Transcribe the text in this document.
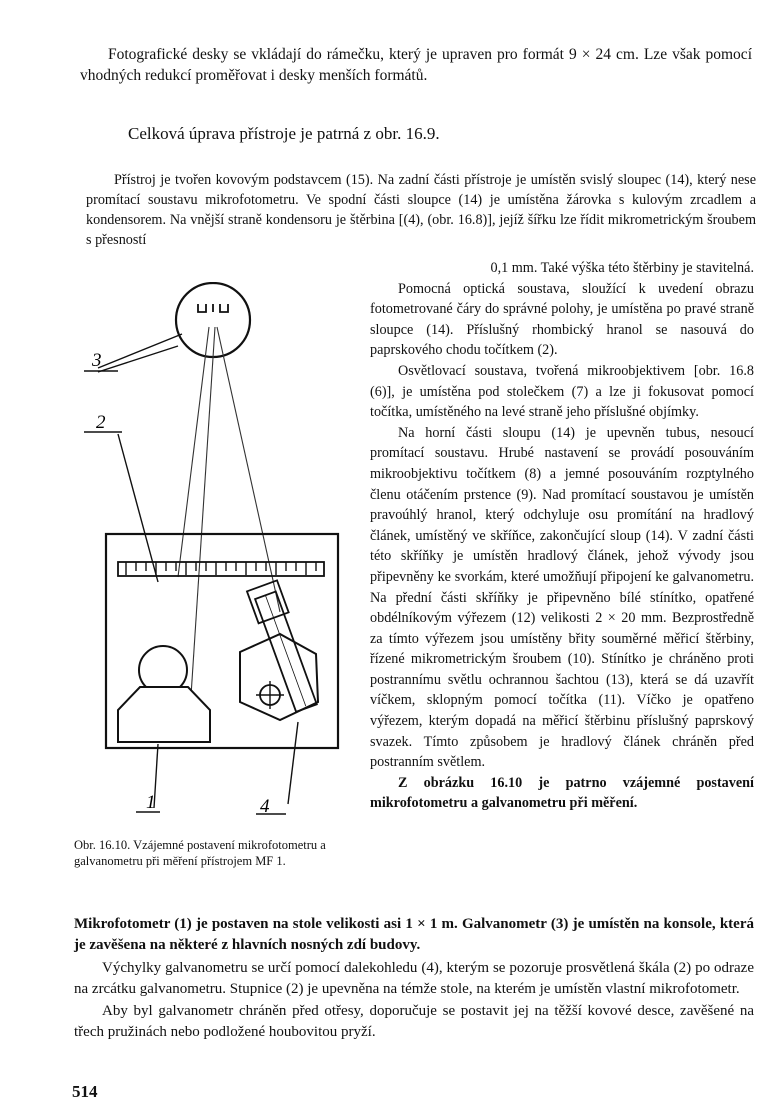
Fotografické desky se vkládají do rámečku, který je upraven pro formát 9 × 24 cm. Lze však pomocí vhodných redukcí proměřovat i desky menších formátů.

Celková úprava přístroje je patrná z obr. 16.9.

Přístroj je tvořen kovovým podstavcem (15). Na zadní části přístroje je umístěn svislý sloupec (14), který nese promítací soustavu mikrofotometru. Ve spodní části sloupce (14) je umístěna žárovka s kulovým zrcadlem a kondensorem. Na vnější straně kondensoru je štěrbina [(4), (obr. 16.8)], jejíž šířku lze řídit mikrometrickým šroubem s přesností

3
2
1	4

Obr. 16.10. Vzájemné postavení mikrofotometru a galvanometru při měření přístrojem MF 1.

0,1 mm. Také výška této štěrbiny je stavitelná.

Pomocná optická soustava, sloužící k uvedení obrazu fotometrované čáry do správné polohy, je umístěna po pravé straně sloupce (14). Příslušný rhombický hranol se nasouvá do paprskového chodu točítkem (2).

Osvětlovací soustava, tvořená mikroobjektivem [obr. 16.8 (6)], je umístěna pod stolečkem (7) a lze ji fokusovat pomocí točítka, umístěného na levé straně jeho příslušné objímky.

Na horní části sloupu (14) je upevněn tubus, nesoucí promítací soustavu. Hrubé nastavení se provádí posouváním mikroobjektivu točítkem (8) a jemné posouváním rozptylného členu otáčením prstence (9). Nad promítací soustavou je umístěn pravoúhlý hranol, který odchyluje osu promítání na hradlový článek, umístěný ve skříňce, zakončující sloup (14). V zadní části této skříňky je umístěn hradlový článek, jehož vývody jsou připevněny ke svorkám, které umožňují připojení ke galvanometru. Na přední části skříňky je připevněno bílé stínítko, opatřené obdélníkovým výřezem (12) velikosti 2 × 20 mm. Bezprostředně za tímto výřezem jsou umístěny břity souměrné měřicí štěrbiny, řízené mikrometrickým šroubem (10). Stínítko je chráněno proti postrannímu světlu ochrannou šachtou (13), která se dá uzavřít víčkem, sklopným pomocí točítka (11). Víčko je opatřeno výřezem, kterým dopadá na měřicí štěrbinu příslušný paprskový svazek. Tímto způsobem je hradlový článek chráněn před postranním světlem.

Z obrázku 16.10 je patrno vzájemné postavení mikrofotometru a galvanometru při měření.

Mikrofotometr (1) je postaven na stole velikosti asi 1 × 1 m. Galvanometr (3) je umístěn na konsole, která je zavěšena na některé z hlavních nosných zdí budovy.

Výchylky galvanometru se určí pomocí dalekohledu (4), kterým se pozoruje prosvětlená škála (2) po odraze na zrcátku galvanometru. Stupnice (2) je upevněna na témže stole, na kterém je umístěn vlastní mikrofotometr.

Aby byl galvanometr chráněn před otřesy, doporučuje se postavit jej na těžší kovové desce, zavěšené na třech pružinách nebo podložené houbovitou pryží.

514
